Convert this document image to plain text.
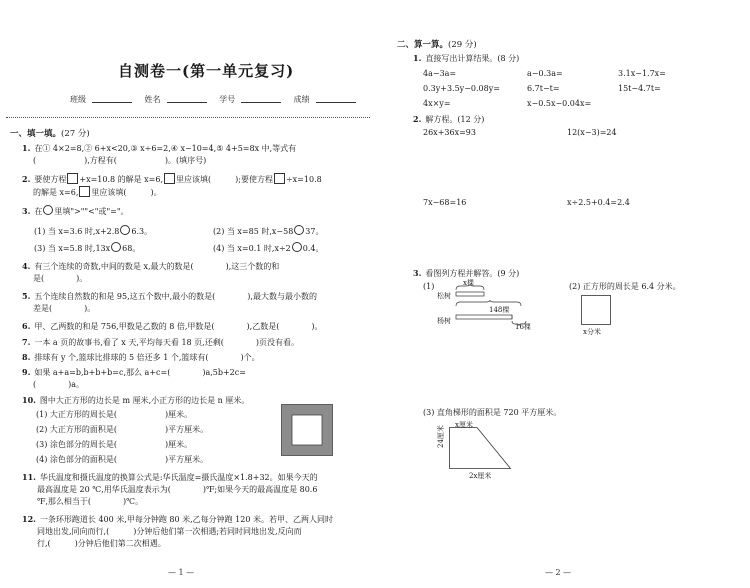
自测卷一(第一单元复习)
班级	姓名	学号	成绩
一、填一填。(27 分)
1. 在① 4×2=8,② 6+x<20,③ x÷6=2,④ x−10=4,⑤ 4+5=8x 中,等式有
(　　　　　　),方程有(　　　　　　)。(填序号)
2. 要使方程 +x=10.8 的解是 x=6, 里应该填(　　　);要使方程 ÷x=10.8
的解是 x=6, 里应该填(　　　)。
3. 在 里填">""<"或"="。
(1) 当 x=3.6 时,x+2.8 6.3。	(2) 当 x=85 时,x−58 37。
(3) 当 x=5.8 时,13x 68。	(4) 当 x=0.1 时,x÷2 0.4。
4. 有三个连续的奇数,中间的数是 x,最大的数是(　　　　),这三个数的和
是(　　　　)。
5. 五个连续自然数的和是 95,这五个数中,最小的数是(　　　　),最大数与最小数的
差是(　　　　)。
6. 甲、乙两数的和是 756,甲数是乙数的 8 倍,甲数是(　　　　),乙数是(　　　　)。
7. 一本 a 页的故事书,看了 x 天,平均每天看 18 页,还剩(　　　　)页没有看。
8. 排球有 y 个,篮球比排球的 5 倍还多 1 个,篮球有(　　　　)个。
9. 如果 a+a=b,b+b+b=c,那么 a+c=(　　　　)a,5b+2c=
(　　　　)a。
10. 图中大正方形的边长是 m 厘米,小正方形的边长是 n 厘米。
(1) 大正方形的周长是(　　　　　　)厘米。
(2) 大正方形的面积是(　　　　　　)平方厘米。
(3) 涂色部分的周长是(　　　　　　)厘米。
(4) 涂色部分的面积是(　　　　　　)平方厘米。
11. 华氏温度和摄氏温度的换算公式是:华氏温度=摄氏温度×1.8+32。如果今天的
最高温度是 20 ℃,用华氏温度表示为(　　　　)℉;如果今天的最高温度是 80.6
℉,那么相当于(　　　　)℃。
12. 一条环形跑道长 400 米,甲每分钟跑 80 米,乙每分钟跑 120 米。若甲、乙两人同时
同地出发,同向而行,(　　　)分钟后他们第一次相遇;若同时同地出发,反向而
行,(　　　)分钟后他们第二次相遇。
— 1 —
二、算一算。(29 分)
1. 直接写出计算结果。(8 分)
4a−3a=	a−0.3a=	3.1x−1.7x=
0.3y+3.5y−0.08y=	6.7t−t=	15t−4.7t=
4x×y=	x−0.5x−0.04x=
2. 解方程。(12 分)
26x+36x=93	12(x−3)=24
7x−68=16	x÷2.5+0.4=2.4
3. 看图列方程并解答。(9 分)
(1)
松树
杨树
x棵
148棵
16棵
(2) 正方形的周长是 6.4 分米。
x分米
(3) 直角梯形的面积是 720 平方厘米。
x厘米
24厘米
2x厘米
— 2 —
